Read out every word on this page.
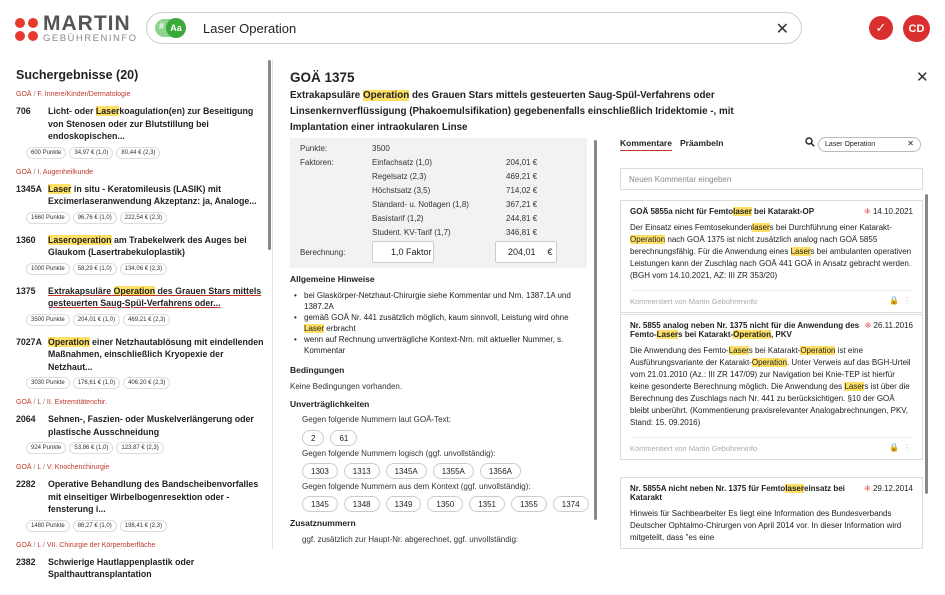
MARTIN
GEBÜHRENINFO
# Aa	Laser Operation	✕	✓	CD
Suchergebnisse (20)
GOÄ / F. Innere/Kinder/Dermatologie
706	Licht- oder Laserkoagulation(en) zur Beseitigung von Stenosen oder zur Blutstillung bei endoskopischen...
600 Punkte	34,97 € (1,0)	80,44 € (2,3)
GOÄ / I. Augenheilkunde
1345A Laser in situ - Keratomileusis (LASIK) mit Excimerlaseranwendung Akzeptanz: ja, Analoge...
1660 Punkte	96,76 € (1,0)	222,54 € (2,3)
1360	Laseroperation am Trabekelwerk des Auges bei Glaukom (Lasertrabekuloplastik)
1000 Punkte	58,29 € (1,0)	134,06 € (2,3)
1375	Extrakapsuläre Operation des Grauen Stars mittels gesteuerten Saug-Spül-Verfahrens oder...
3500 Punkte	204,01 € (1,0)	469,21 € (2,3)
7027A Operation einer Netzhautablösung mit eindellenden Maßnahmen, einschließlich Kryopexie der Netzhaut...
3030 Punkte	176,61 € (1,0)	406,20 € (2,3)
GOÄ / L / II. Extremitätenchir.
2064	Sehnen-, Faszien- oder Muskelverlängerung oder plastische Ausschneidung
924 Punkte	53,86 € (1,0)	123,87 € (2,3)
GOÄ / L / V. Knochenchirurgie
2282	Operative Behandlung des Bandscheibenvorfalles mit einseitiger Wirbelbogenresektion oder -fensterung i...
1480 Punkte	86,27 € (1,0)	198,41 € (2,3)
GOÄ / L / VII. Chirurgie der Körperoberfläche
2382	Schwierige Hautlappenplastik oder Spalthauttransplantation
GOÄ 1375	✕
Extrakapsuläre Operation des Grauen Stars mittels gesteuerten Saug-Spül-Verfahrens oder Linsenkernverflüssigung (Phakoemulsifikation) gegebenenfalls einschließlich Iridektomie -, mit Implantation einer intraokularen Linse
Punkte:	3500
Faktoren:	Einfachsatz (1,0)	204,01 €
Regelsatz (2,3)	469,21 €
Höchstsatz (3,5)	714,02 €
Standard- u. Notlagen (1,8)	367,21 €
Basistarif (1,2)	244,81 €
Student. KV-Tarif (1,7)	346,81 €
Berechnung:	1,0
Faktor	204,01 €
Allgemeine Hinweise
• bei Glaskörper-Netzhaut-Chirurgie siehe Kommentar und Nrn. 1387.1A und 1387.2A
• gemäß GOÄ Nr. 441 zusätzlich möglich, kaum sinnvoll, Leistung wird ohne Laser erbracht
• wenn auf Rechnung unverträgliche Kontext-Nrn. mit aktueller Nummer, s. Kommentar
Bedingungen
Keine Bedingungen vorhanden.
Unverträglichkeiten
Gegen folgende Nummern laut GOÄ-Text:
2	61
Gegen folgende Nummern logisch (ggf. unvollständig):
1303	1313	1345A	1355A	1356A
Gegen folgende Nummern aus dem Kontext (ggf. unvollständig):
1345	1348	1349	1350	1351	1355	1374
Zusatznummern
ggf. zusätzlich zur Haupt-Nr. abgerechnet, ggf. unvollständig:
Kommentare Präambeln	Laser Operation	✕
Neuen Kommentar eingeben
GOÄ 5855a nicht für Femtolaser bei Katarakt-OP	⁜ 14.10.2021
Der Einsatz eines Femtosekundenlasers bei Durchführung einer Katarakt-Operation nach GOÄ 1375 ist nicht zusätzlich analog nach GOÄ 5855 berechnungsfähig. Für die Anwendung eines Lasers bei ambulanten operativen Leistungen kann der Zuschlag nach GOÄ 441 GOÄ in Ansatz gebracht werden. (BGH vom 14.10.2021, AZ: III ZR 353/20)
Kommentiert von Martin Gebühreninfo	🔒 ⋮
Nr. 5855 analog neben Nr. 1375 nicht für die Anwendung des Femto-Lasers bei Katarakt-Operation, PKV
⁜ 26.11.2016
Die Anwendung des Femto-Lasers bei Katarakt-Operation ist eine Ausführungsvariante der Katarakt-Operation. Unter Verweis auf das BGH-Urteil vom 21.01.2010 (Az.: III ZR 147/09) zur Navigation bei Knie-TEP ist hierfür keine gesonderte Berechnung möglich. Die Anwendung des Lasers ist über die Berechnung des Zuschlags nach Nr. 441 zu berücksichtigen. §10 der GOÄ bleibt unberührt. (Kommentierung praxisrelevanter Analogabrechnungen, PKV, Stand: 15. 09.2016)
Kommentiert von Martin Gebühreninfo	🔒 ⋮
Nr. 5855A nicht neben Nr. 1375 für Femtolasereinsatz bei Katarakt
⁜ 29.12.2014
Hinweis für Sachbearbeiter Es liegt eine Information des Bundesverbands Deutscher Ophtalmo-Chirurgen von April 2014 vor. In dieser Information wird mitgeteilt, dass "es eine
